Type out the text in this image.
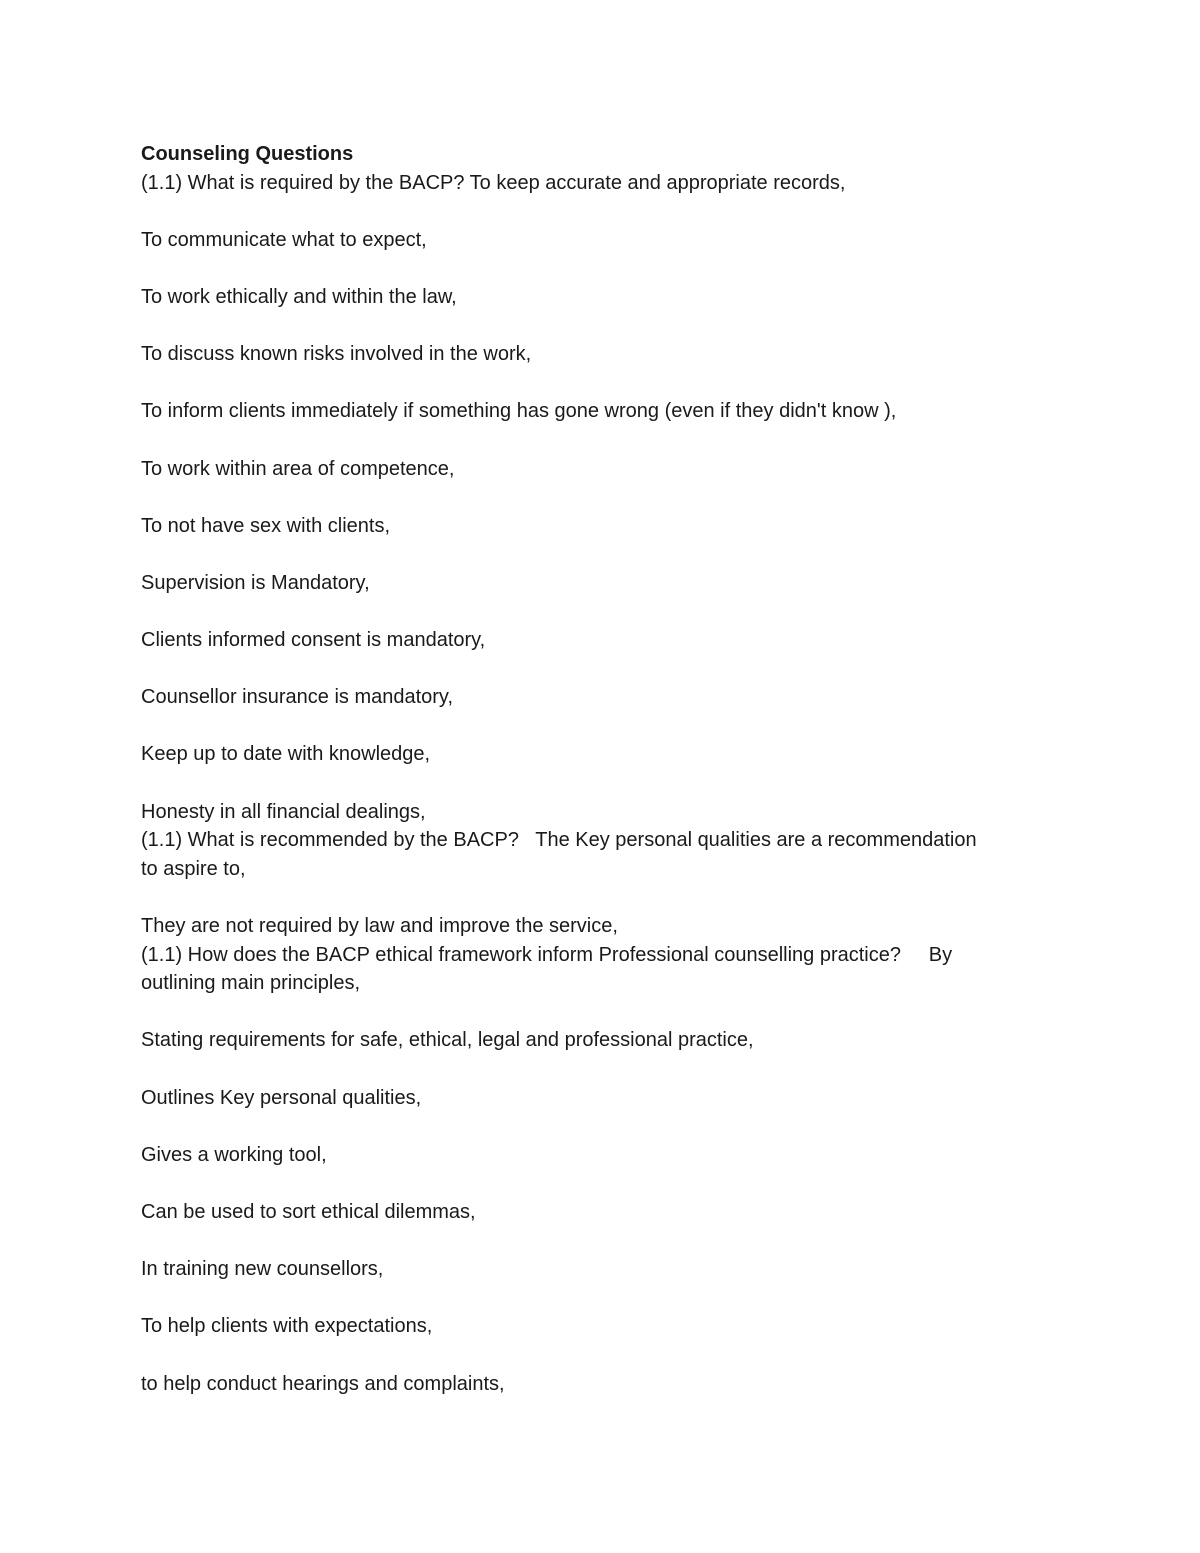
Counseling Questions
(1.1) What is required by the BACP? To keep accurate and appropriate records,
To communicate what to expect,
To work ethically and within the law,
To discuss known risks involved in the work,
To inform clients immediately if something has gone wrong (even if they didn't know ),
To work within area of competence,
To not have sex with clients,
Supervision is Mandatory,
Clients informed consent is mandatory,
Counsellor insurance is mandatory,
Keep up to date with knowledge,
Honesty in all financial dealings,
(1.1) What is recommended by the BACP?   The Key personal qualities are a recommendation
to aspire to,
They are not required by law and improve the service,
(1.1) How does the BACP ethical framework inform Professional counselling practice?     By
outlining main principles,
Stating requirements for safe, ethical, legal and professional practice,
Outlines Key personal qualities,
Gives a working tool,
Can be used to sort ethical dilemmas,
In training new counsellors,
To help clients with expectations,
to help conduct hearings and complaints,
